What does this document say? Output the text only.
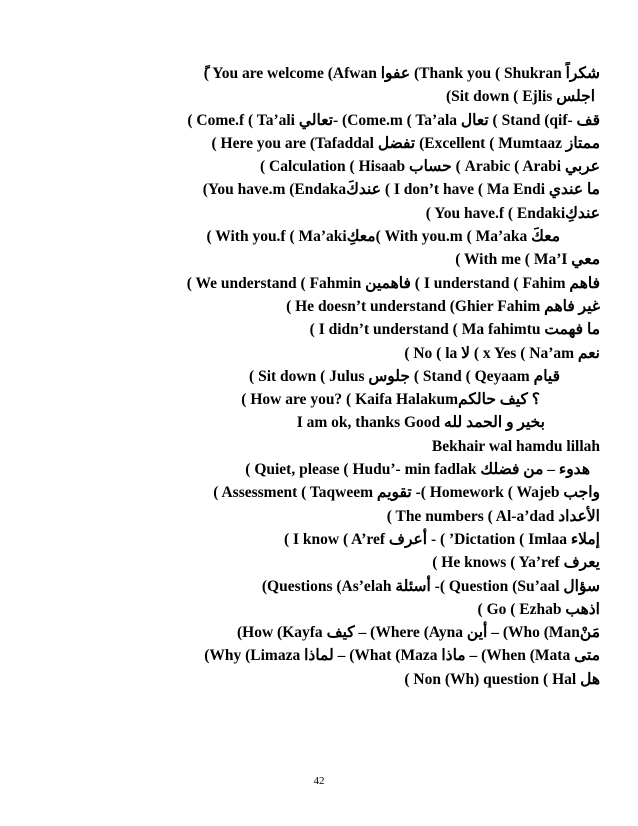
ً( You are welcome (Afwan عفوا (Thank you ( Shukran شكراً
(Sit down ( Ejlis اجلس
( Come.f ( Ta’ali تعالي- (Come.m ( Ta’ala تعال ( Stand (qif- قف
( Here you are (Tafaddal تفضل (Excellent ( Mumtaaz ممتاز
( Calculation ( Hisaab حساب ( Arabic ( Arabi عربي
(You have.m (Endakaعندكَ ( I don’t have ( Ma Endi ما عندي
( You have.f ( Endakiعندكِ
( With you.f ( Ma’akiمعكِ( With you.m ( Ma’aka معكَ
( With me ( Ma’I معي
( We understand ( Fahmin فاهمين ( I understand ( Fahim فاهم
( He doesn’t understand (Ghier Fahim غير فاهم
( I didn’t understand ( Ma fahimtu ما فهمت
( No ( la لا ( x Yes ( Na’am نعم
( Sit down ( Julus جلوس ( Stand ( Qeyaam قيام
( How are you? ( Kaifa Halakum؟ كيف حالكم
I am ok, thanks Good بخير و الحمد لله
Bekhair wal hamdu lillah
( Quiet, please ( Hudu’- min fadlak هدوء – من فضلك
( Assessment ( Taqweem تقويم -( Homework ( Wajeb واجب
( The numbers ( Al-a’dad الأعداد
( I know ( A’ref أعرف - ( ’Dictation ( Imlaa إملاء
( He knows ( Ya’ref يعرف
(Questions (As’elah أسئلة -( Question (Su’aal سؤال
( Go ( Ezhab اذهب
(How (Kayfa كيف – (Where (Ayna أين – (Who (Manمَنْ
(Why (Limaza لماذا – (What (Maza ماذا – (When (Mata متى
( Non (Wh) question ( Hal هل
42
